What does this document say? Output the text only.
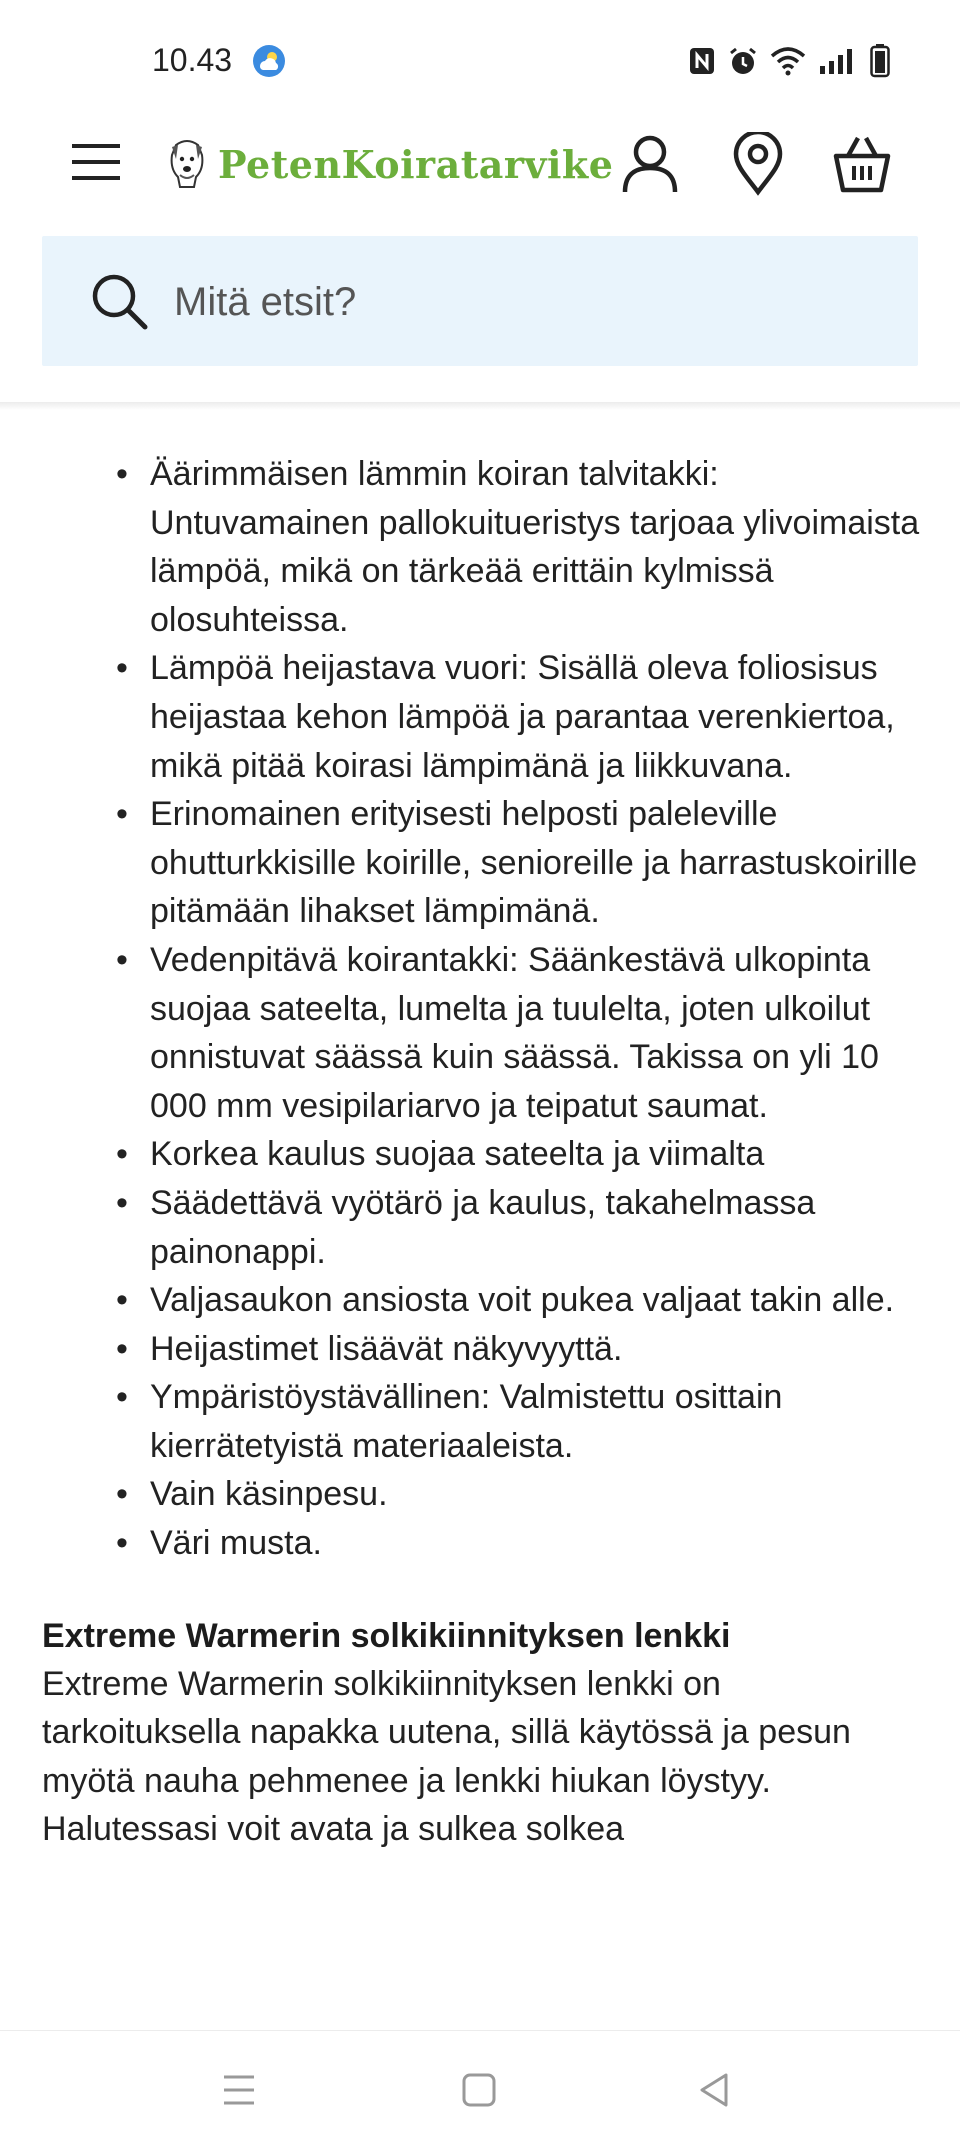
10.43
PetenKoiratarvike
Mitä etsit?
• Äärimmäisen lämmin koiran talvitakki: Untuvamainen pallokuitueristys tarjoaa ylivoimaista lämpöä, mikä on tärkeää erittäin kylmissä olosuhteissa.
• Lämpöä heijastava vuori: Sisällä oleva foliosisus heijastaa kehon lämpöä ja parantaa verenkiertoa, mikä pitää koirasi lämpimänä ja liikkuvana.
• Erinomainen erityisesti helposti paleleville ohutturkkisille koirille, senioreille ja harrastuskoirille pitämään lihakset lämpimänä.
• Vedenpitävä koirantakki: Säänkestävä ulkopinta suojaa sateelta, lumelta ja tuulelta, joten ulkoilut onnistuvat säässä kuin säässä. Takissa on yli 10 000 mm vesipilariarvo ja teipatut saumat.
• Korkea kaulus suojaa sateelta ja viimalta
• Säädettävä vyötärö ja kaulus, takahelmassa painonappi.
• Valjasaukon ansiosta voit pukea valjaat takin alle.
• Heijastimet lisäävät näkyvyyttä.
• Ympäristöystävällinen: Valmistettu osittain kierrätetyistä materiaaleista.
• Vain käsinpesu.
• Väri musta.
Extreme Warmerin solkikiinnityksen lenkki
Extreme Warmerin solkikiinnityksen lenkki on tarkoituksella napakka uutena, sillä käytössä ja pesun myötä nauha pehmenee ja lenkki hiukan löystyy. Halutessasi voit avata ja sulkea solkea
